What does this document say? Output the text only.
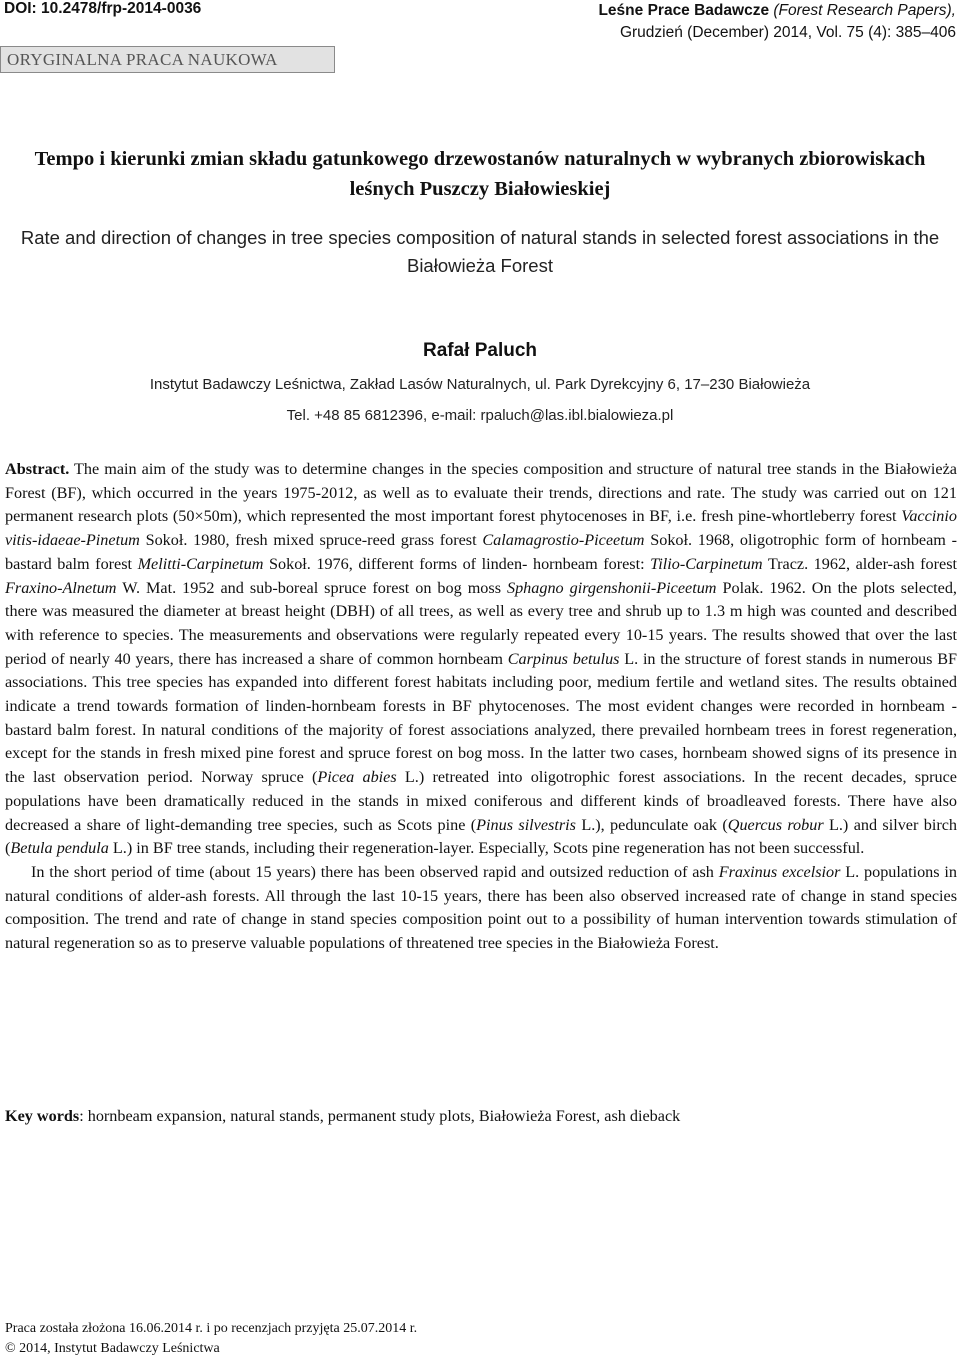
DOI: 10.2478/frp-2014-0036	Leśne Prace Badawcze (Forest Research Papers),
Grudzień (December) 2014, Vol. 75 (4): 385–406
ORYGINALNA PRACA NAUKOWA
Tempo i kierunki zmian składu gatunkowego drzewostanów naturalnych w wybranych zbiorowiskach leśnych Puszczy Białowieskiej
Rate and direction of changes in tree species composition of natural stands in selected forest associations in the Białowieża Forest
Rafał Paluch
Instytut Badawczy Leśnictwa, Zakład Lasów Naturalnych, ul. Park Dyrekcyjny 6, 17–230 Białowieża
Tel. +48 85 6812396, e-mail: rpaluch@las.ibl.bialowieza.pl

Abstract. The main aim of the study was to determine changes in the species composition and structure of natural tree stands in the Białowieża Forest (BF), which occurred in the years 1975-2012, as well as to evaluate their trends, directions and rate. The study was carried out on 121 permanent research plots (50×50m), which represented the most important forest phytocenoses in BF, i.e. fresh pine-whortleberry forest Vaccinio vitis-idaeae-Pinetum Sokoł. 1980, fresh mixed spruce-reed grass forest Calamagrostio-Piceetum Sokoł. 1968, oligotrophic form of hornbeam - bastard balm forest Melitti-Carpinetum Sokoł. 1976, different forms of linden- hornbeam forest: Tilio-Carpinetum Tracz. 1962, alder-ash forest Fraxino-Alnetum W. Mat. 1952 and sub-boreal spruce forest on bog moss Sphagno girgenshonii-Piceetum Polak. 1962. On the plots selected, there was measured the diameter at breast height (DBH) of all trees, as well as every tree and shrub up to 1.3 m high was counted and described with reference to species. The measurements and observations were regularly repeated every 10-15 years. The results showed that over the last period of nearly 40 years, there has increased a share of common hornbeam Carpinus betulus L. in the structure of forest stands in numerous BF associations. This tree species has expanded into different forest habitats including poor, medium fertile and wetland sites. The results obtained indicate a trend towards formation of linden-hornbeam forests in BF phytocenoses. The most evident changes were recorded in hornbeam - bastard balm forest. In natural conditions of the majority of forest associations analyzed, there prevailed hornbeam trees in forest regeneration, except for the stands in fresh mixed pine forest and spruce forest on bog moss. In the latter two cases, hornbeam showed signs of its presence in the last observation period. Norway spruce (Picea abies L.) retreated into oligotrophic forest associations. In the recent decades, spruce populations have been dramatically reduced in the stands in mixed coniferous and different kinds of broadleaved forests. There have also decreased a share of light-demanding tree species, such as Scots pine (Pinus silvestris L.), pedunculate oak (Quercus robur L.) and silver birch (Betula pendula L.) in BF tree stands, including their regeneration-layer. Especially, Scots pine regeneration has not been successful.

In the short period of time (about 15 years) there has been observed rapid and outsized reduction of ash Fraxinus excelsior L. populations in natural conditions of alder-ash forests. All through the last 10-15 years, there has been also observed increased rate of change in stand species composition. The trend and rate of change in stand species composition point out to a possibility of human intervention towards stimulation of natural regeneration so as to preserve valuable populations of threatened tree species in the Białowieża Forest.

Key words: hornbeam expansion, natural stands, permanent study plots, Białowieża Forest, ash dieback
Praca została złożona 16.06.2014 r. i po recenzjach przyjęta 25.07.2014 r.
© 2014, Instytut Badawczy Leśnictwa
